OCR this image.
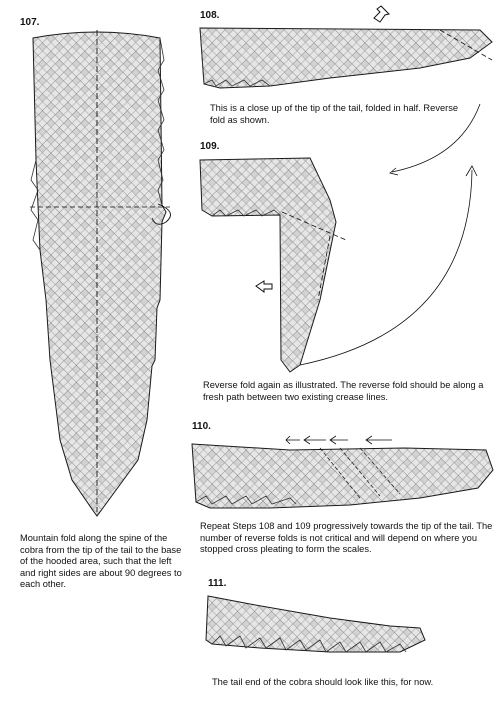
107.
108.
109.
110.
111.
Mountain fold along the spine of the cobra from the tip of the tail to the base of the hooded area, such that the left and right sides are about 90 degrees to each other.
This is a close up of the tip of the tail, folded in half. Reverse fold as shown.
Reverse fold again as illustrated. The reverse fold should be along a fresh path between two existing crease lines.
Repeat Steps 108 and 109 progressively towards the tip of the tail. The number of reverse folds is not critical and will depend on where you stopped cross pleating to form the scales.
The tail end of the cobra should look like this, for now.
